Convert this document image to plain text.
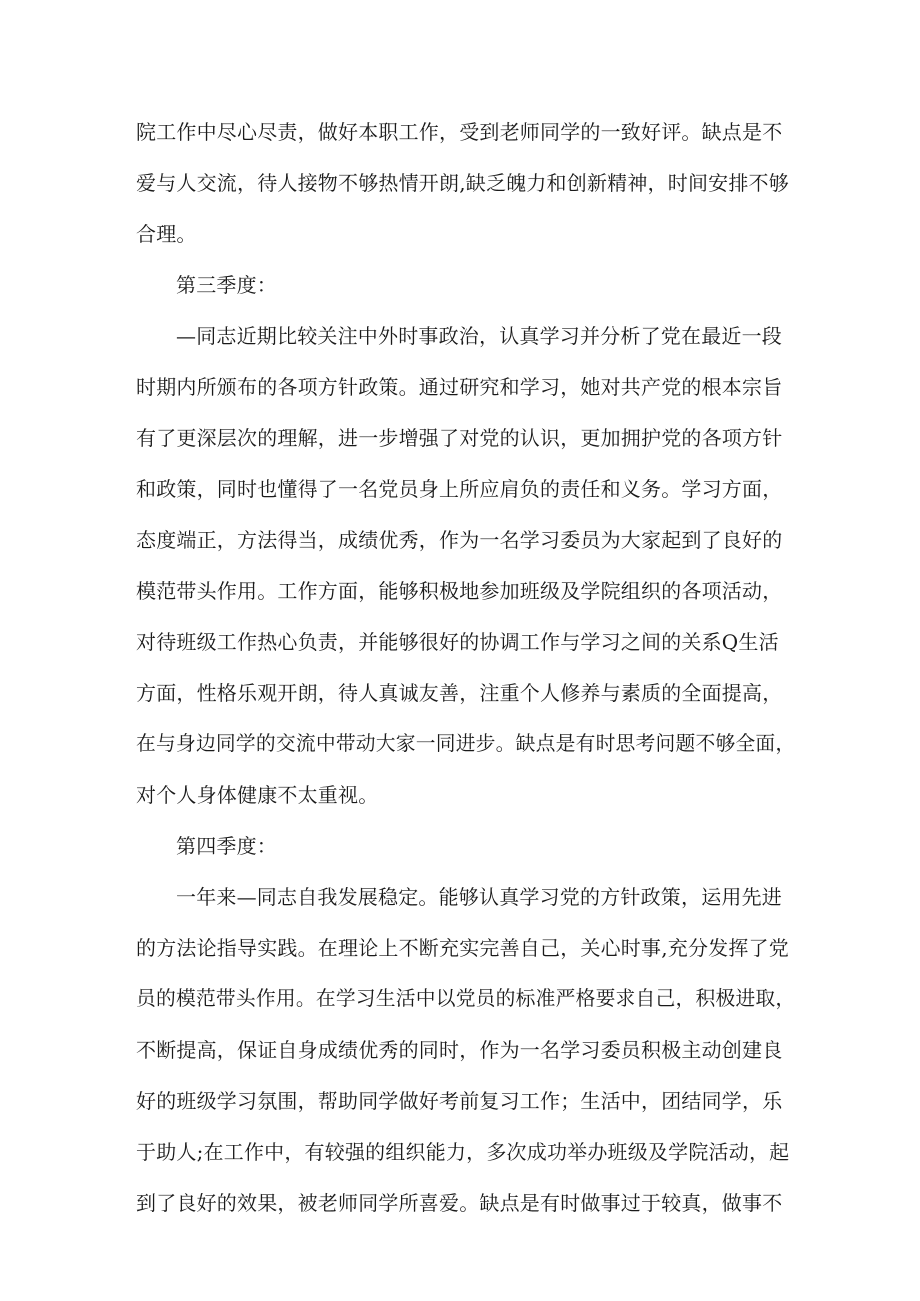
院工作中尽心尽责，做好本职工作，受到老师同学的一致好评。缺点是不
爱与人交流，待人接物不够热情开朗,缺乏魄力和创新精神，时间安排不够
合理。
第三季度：
—同志近期比较关注中外时事政治，认真学习并分析了党在最近一段
时期内所颁布的各项方针政策。通过研究和学习，她对共产党的根本宗旨
有了更深层次的理解，进一步增强了对党的认识，更加拥护党的各项方针
和政策，同时也懂得了一名党员身上所应肩负的责任和义务。学习方面，
态度端正，方法得当，成绩优秀，作为一名学习委员为大家起到了良好的
模范带头作用。工作方面，能够积极地参加班级及学院组织的各项活动，
对待班级工作热心负责，并能够很好的协调工作与学习之间的关系Q生活
方面，性格乐观开朗，待人真诚友善，注重个人修养与素质的全面提高，
在与身边同学的交流中带动大家一同进步。缺点是有时思考问题不够全面，
对个人身体健康不太重视。
第四季度：
一年来—同志自我发展稳定。能够认真学习党的方针政策，运用先进
的方法论指导实践。在理论上不断充实完善自己，关心时事,充分发挥了党
员的模范带头作用。在学习生活中以党员的标准严格要求自己，积极进取，
不断提高，保证自身成绩优秀的同时，作为一名学习委员积极主动创建良
好的班级学习氛围，帮助同学做好考前复习工作；生活中，团结同学，乐
于助人;在工作中，有较强的组织能力，多次成功举办班级及学院活动，起
到了良好的效果，被老师同学所喜爱。缺点是有时做事过于较真，做事不
